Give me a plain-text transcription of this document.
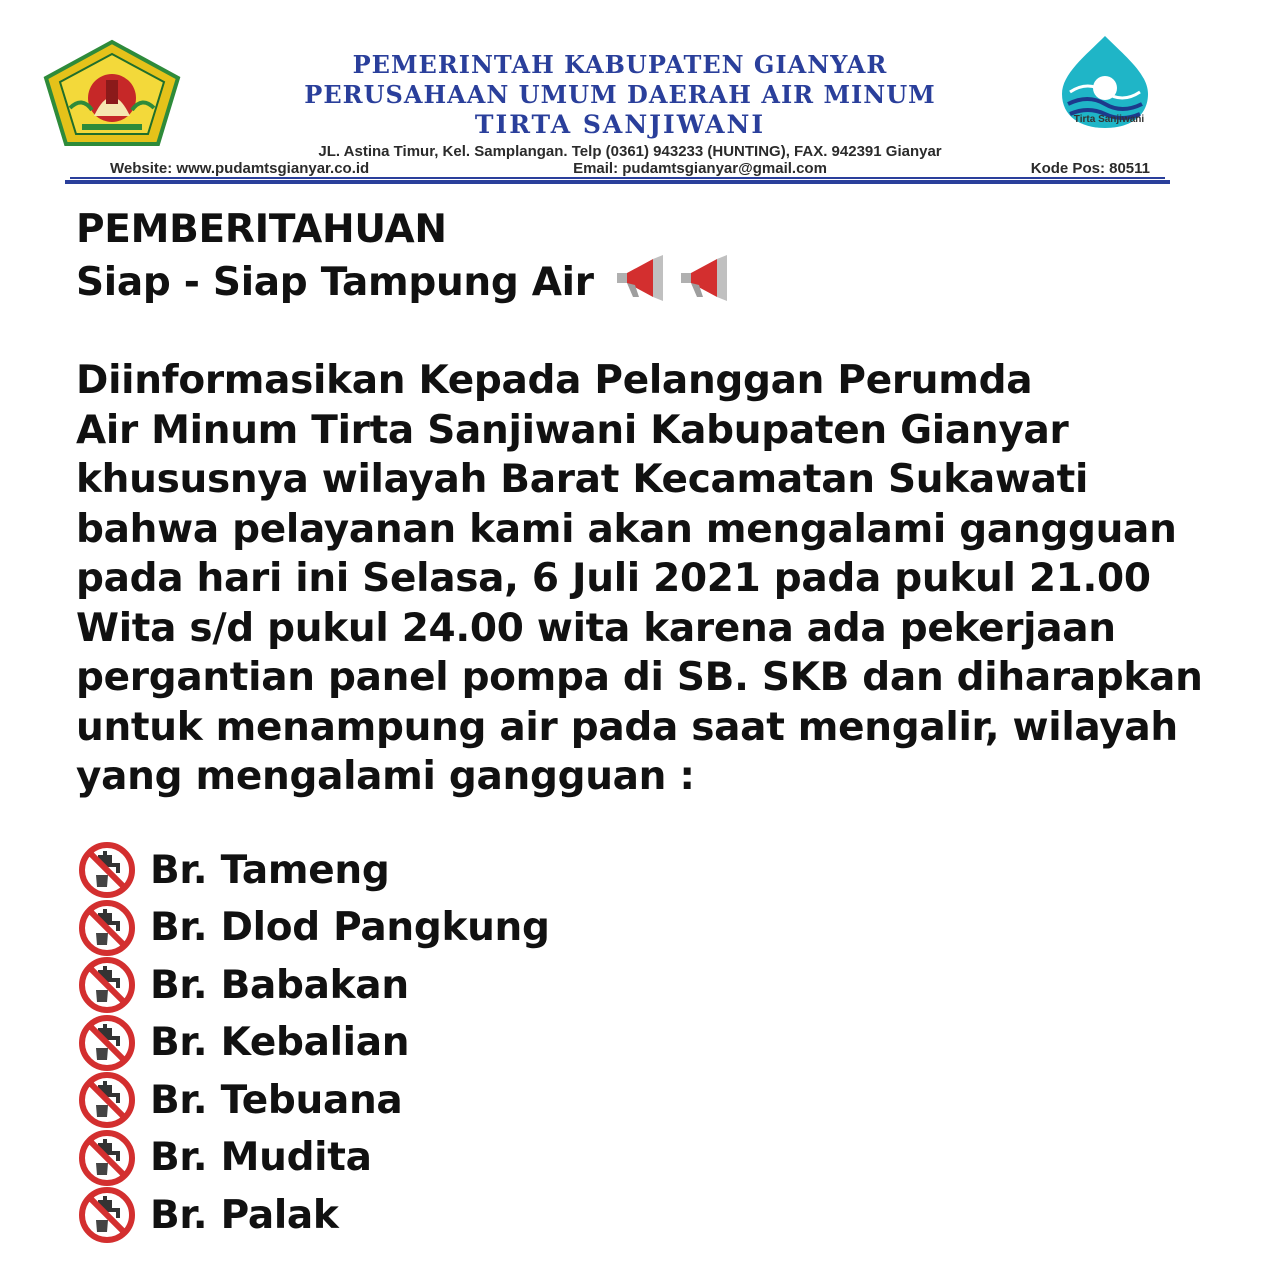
PEMERINTAH KABUPATEN GIANYAR
PERUSAHAAN UMUM DAERAH AIR MINUM
TIRTA SANJIWANI	Tirta Sanjiwani
JL. Astina Timur, Kel. Samplangan. Telp (0361) 943233 (HUNTING), FAX. 942391 Gianyar
Website: www.pudamtsgianyar.co.id	Email: pudamtsgianyar@gmail.com	Kode Pos: 80511
PEMBERITAHUAN
Siap - Siap Tampung Air
Diinformasikan Kepada Pelanggan Perumda
Air Minum Tirta Sanjiwani Kabupaten Gianyar
khususnya wilayah Barat Kecamatan Sukawati
bahwa pelayanan kami akan mengalami gangguan
pada hari ini Selasa, 6 Juli 2021 pada pukul 21.00
Wita s/d pukul 24.00 wita karena ada pekerjaan
pergantian panel pompa di SB. SKB dan diharapkan
untuk menampung air pada saat mengalir, wilayah
yang mengalami gangguan :
Br. Tameng
Br. Dlod Pangkung
Br. Babakan
Br. Kebalian
Br. Tebuana
Br. Mudita
Br. Palak
